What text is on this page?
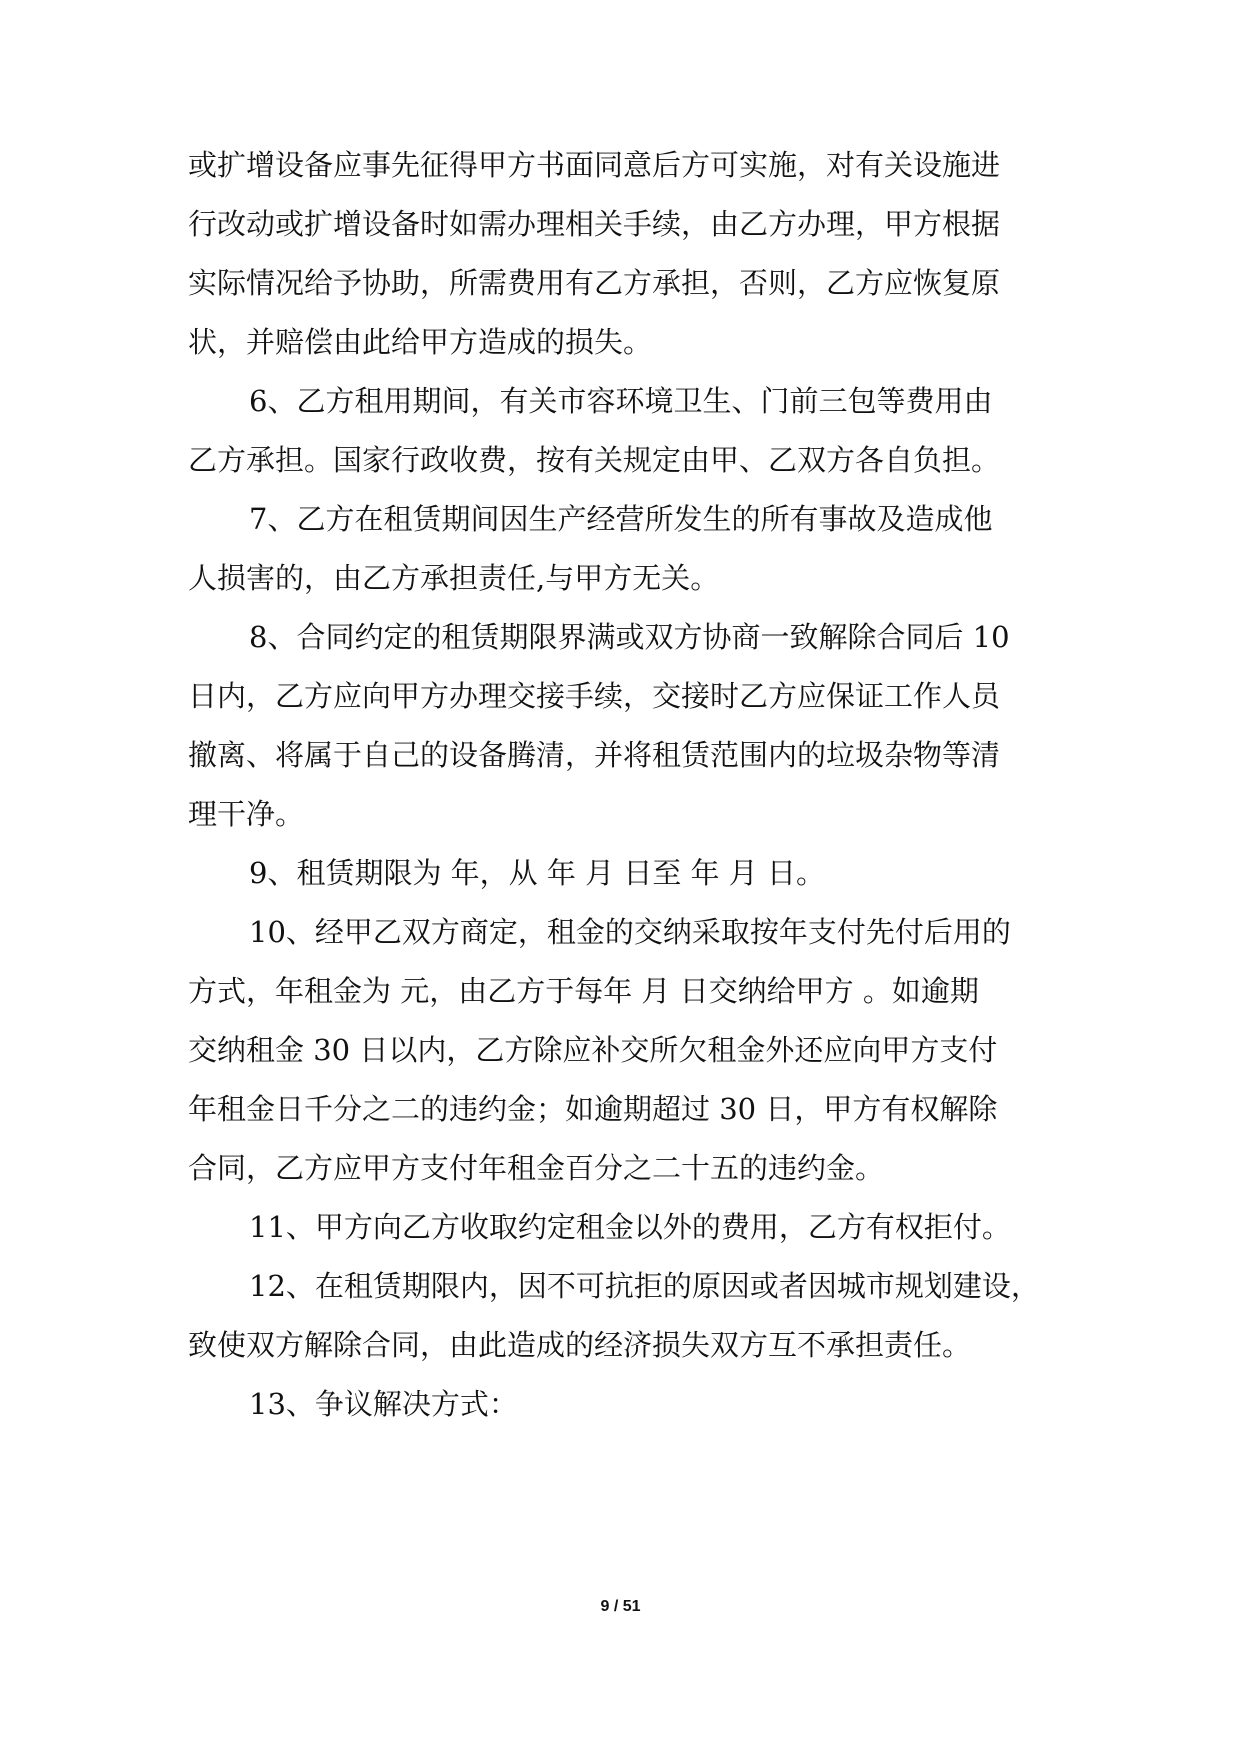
或扩增设备应事先征得甲方书面同意后方可实施，对有关设施进
行改动或扩增设备时如需办理相关手续，由乙方办理，甲方根据
实际情况给予协助，所需费用有乙方承担，否则，乙方应恢复原
状，并赔偿由此给甲方造成的损失。
6、乙方租用期间，有关市容环境卫生、门前三包等费用由
乙方承担。国家行政收费，按有关规定由甲、乙双方各自负担。
7、乙方在租赁期间因生产经营所发生的所有事故及造成他
人损害的，由乙方承担责任,与甲方无关。
8、合同约定的租赁期限界满或双方协商一致解除合同后 10
日内，乙方应向甲方办理交接手续，交接时乙方应保证工作人员
撤离、将属于自己的设备腾清，并将租赁范围内的垃圾杂物等清
理干净。
9、租赁期限为 年，从 年 月 日至 年 月 日。
10、经甲乙双方商定，租金的交纳采取按年支付先付后用的
方式，年租金为 元，由乙方于每年 月 日交纳给甲方 。如逾期
交纳租金 30 日以内，乙方除应补交所欠租金外还应向甲方支付
年租金日千分之二的违约金；如逾期超过 30 日，甲方有权解除
合同，乙方应甲方支付年租金百分之二十五的违约金。
11、甲方向乙方收取约定租金以外的费用，乙方有权拒付。
12、在租赁期限内，因不可抗拒的原因或者因城市规划建设，
致使双方解除合同，由此造成的经济损失双方互不承担责任。
13、争议解决方式：
9 / 51
